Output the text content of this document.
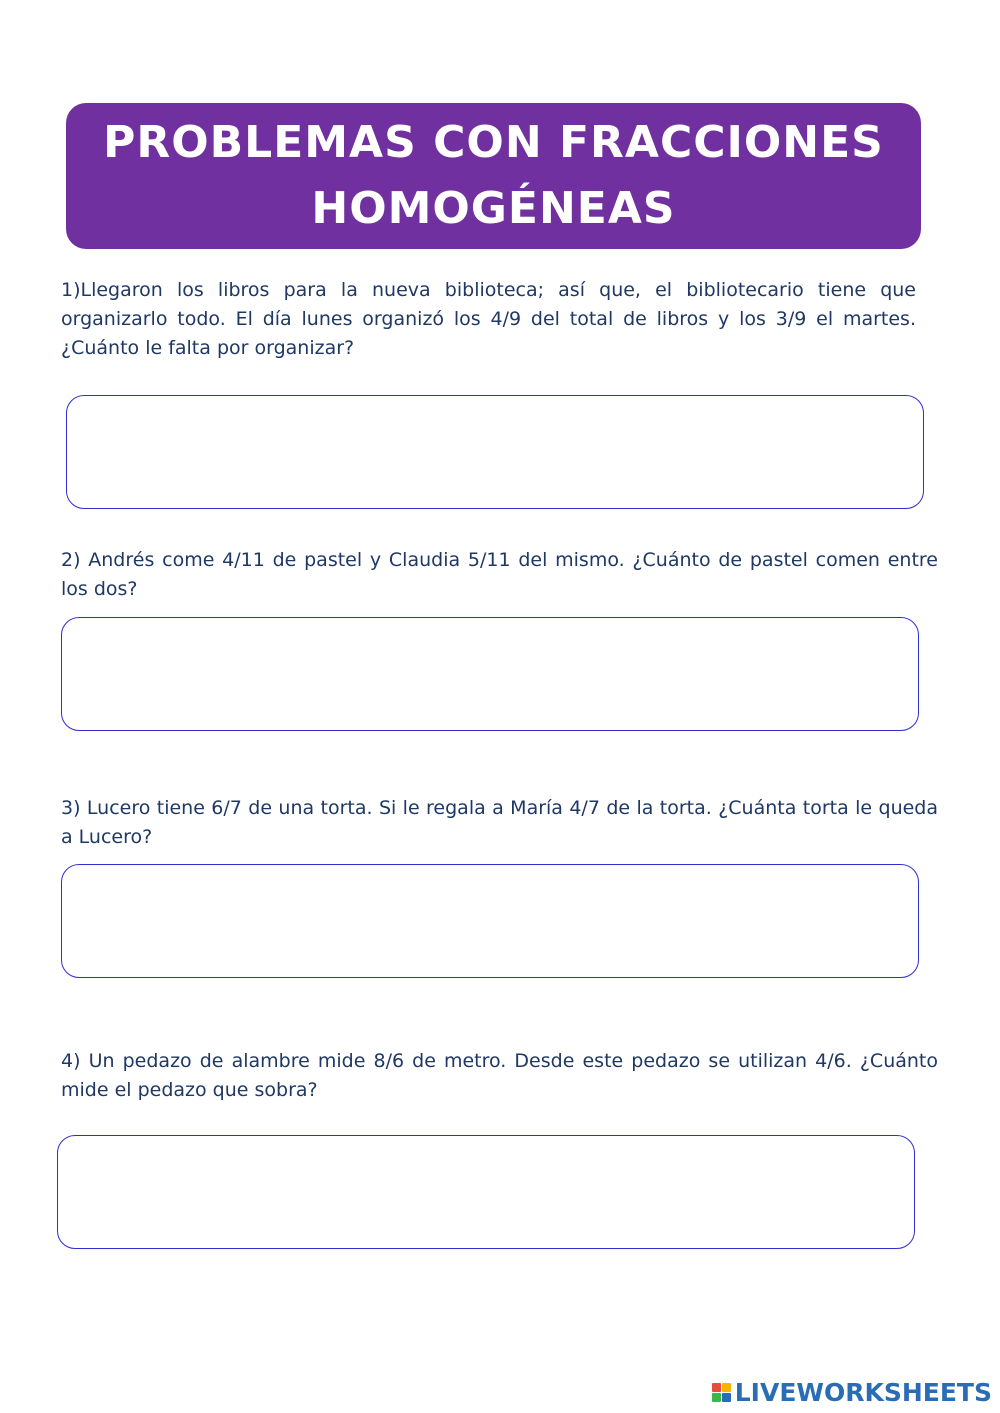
PROBLEMAS CON FRACCIONES
HOMOGÉNEAS

1)Llegaron los libros para la nueva biblioteca; así que, el bibliotecario tiene que organizarlo todo. El día lunes organizó los 4/9 del total de libros y los 3/9 el martes. ¿Cuánto le falta por organizar?

2) Andrés come 4/11 de pastel y Claudia 5/11 del mismo. ¿Cuánto de pastel comen entre los dos?

3) Lucero tiene 6/7 de una torta. Si le regala a María 4/7 de la torta. ¿Cuánta torta le queda a Lucero?

4) Un pedazo de alambre mide 8/6 de metro. Desde este pedazo se utilizan 4/6. ¿Cuánto mide el pedazo que sobra?

LIVEWORKSHEETS
